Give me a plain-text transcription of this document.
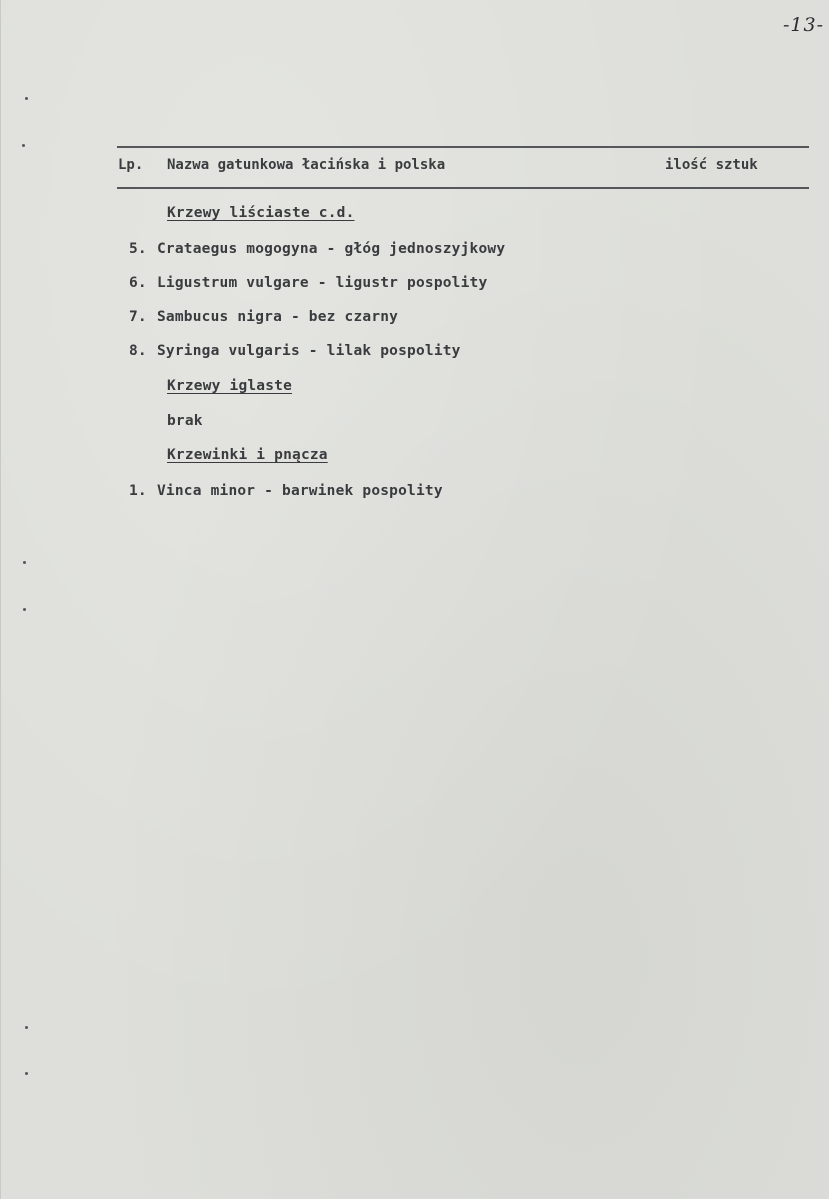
-13-
Lp. Nazwa gatunkowa łacińska i polska	ilość sztuk
Krzewy liściaste c.d.
5. Crataegus mogogyna - głóg jednoszyjkowy
6. Ligustrum vulgare - ligustr pospolity
7. Sambucus nigra - bez czarny
8. Syringa vulgaris - lilak pospolity
Krzewy iglaste
brak
Krzewinki i pnącza
1. Vinca minor - barwinek pospolity
